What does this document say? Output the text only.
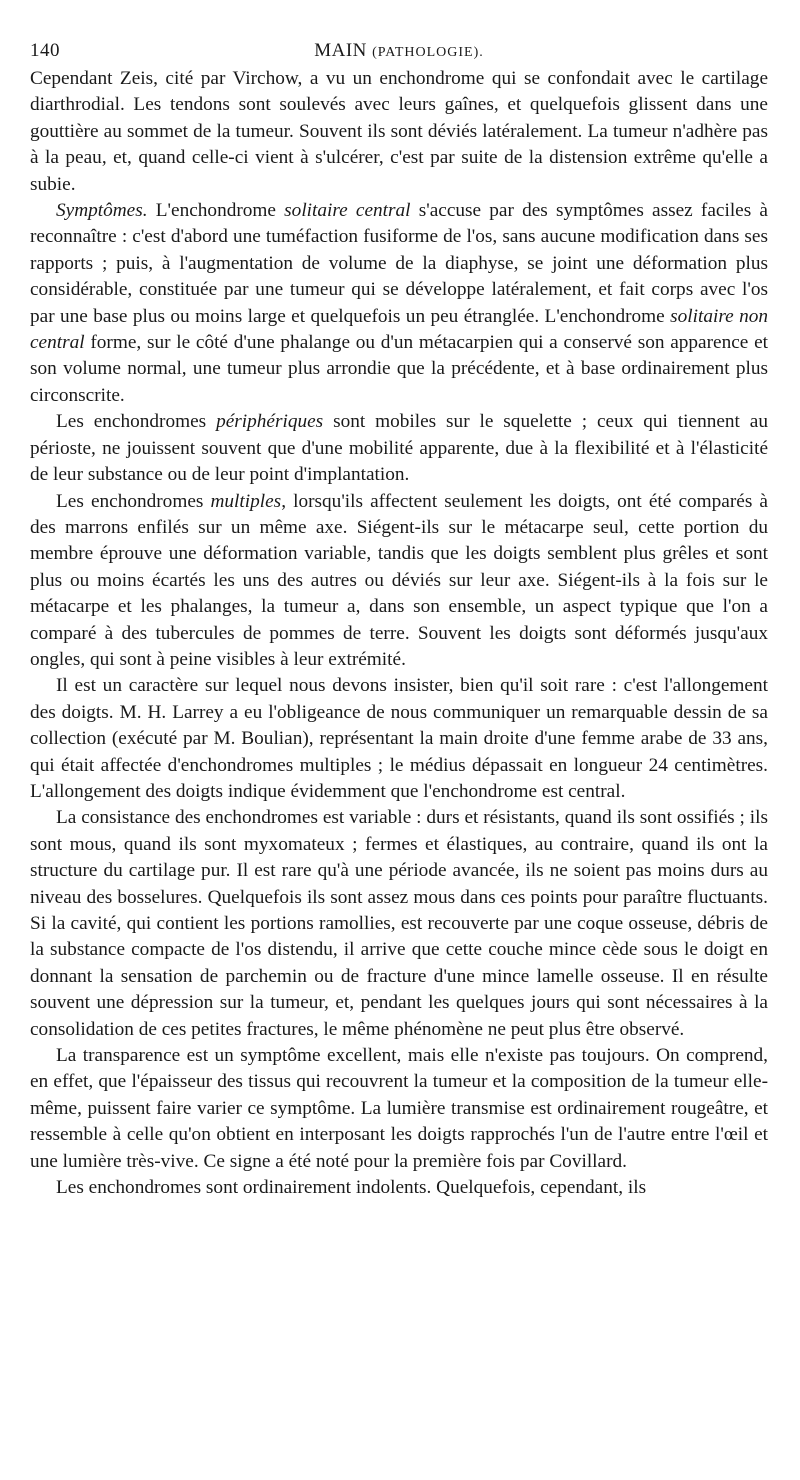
140	MAIN (PATHOLOGIE).

Cependant Zeis, cité par Virchow, a vu un enchondrome qui se confondait avec le cartilage diarthrodial. Les tendons sont soulevés avec leurs gaînes, et quelquefois glissent dans une gouttière au sommet de la tumeur. Souvent ils sont déviés latéralement. La tumeur n'adhère pas à la peau, et, quand celle-ci vient à s'ulcérer, c'est par suite de la distension extrême qu'elle a subie.

Symptômes. L'enchondrome solitaire central s'accuse par des symptômes assez faciles à reconnaître : c'est d'abord une tuméfaction fusiforme de l'os, sans aucune modification dans ses rapports ; puis, à l'augmentation de volume de la diaphyse, se joint une déformation plus considérable, constituée par une tumeur qui se développe latéralement, et fait corps avec l'os par une base plus ou moins large et quelquefois un peu étranglée. L'enchondrome solitaire non central forme, sur le côté d'une phalange ou d'un métacarpien qui a conservé son apparence et son volume normal, une tumeur plus arrondie que la précédente, et à base ordinairement plus circonscrite.

Les enchondromes périphériques sont mobiles sur le squelette ; ceux qui tiennent au périoste, ne jouissent souvent que d'une mobilité apparente, due à la flexibilité et à l'élasticité de leur substance ou de leur point d'implantation.

Les enchondromes multiples, lorsqu'ils affectent seulement les doigts, ont été comparés à des marrons enfilés sur un même axe. Siégent-ils sur le métacarpe seul, cette portion du membre éprouve une déformation variable, tandis que les doigts semblent plus grêles et sont plus ou moins écartés les uns des autres ou déviés sur leur axe. Siégent-ils à la fois sur le métacarpe et les phalanges, la tumeur a, dans son ensemble, un aspect typique que l'on a comparé à des tubercules de pommes de terre. Souvent les doigts sont déformés jusqu'aux ongles, qui sont à peine visibles à leur extrémité.

Il est un caractère sur lequel nous devons insister, bien qu'il soit rare : c'est l'allongement des doigts. M. H. Larrey a eu l'obligeance de nous communiquer un remarquable dessin de sa collection (exécuté par M. Boulian), représentant la main droite d'une femme arabe de 33 ans, qui était affectée d'enchondromes multiples ; le médius dépassait en longueur 24 centimètres. L'allongement des doigts indique évidemment que l'enchondrome est central.

La consistance des enchondromes est variable : durs et résistants, quand ils sont ossifiés ; ils sont mous, quand ils sont myxomateux ; fermes et élastiques, au contraire, quand ils ont la structure du cartilage pur. Il est rare qu'à une période avancée, ils ne soient pas moins durs au niveau des bosselures. Quelquefois ils sont assez mous dans ces points pour paraître fluctuants. Si la cavité, qui contient les portions ramollies, est recouverte par une coque osseuse, débris de la substance compacte de l'os distendu, il arrive que cette couche mince cède sous le doigt en donnant la sensation de parchemin ou de fracture d'une mince lamelle osseuse. Il en résulte souvent une dépression sur la tumeur, et, pendant les quelques jours qui sont nécessaires à la consolidation de ces petites fractures, le même phénomène ne peut plus être observé.

La transparence est un symptôme excellent, mais elle n'existe pas toujours. On comprend, en effet, que l'épaisseur des tissus qui recouvrent la tumeur et la composition de la tumeur elle-même, puissent faire varier ce symptôme. La lumière transmise est ordinairement rougeâtre, et ressemble à celle qu'on obtient en interposant les doigts rapprochés l'un de l'autre entre l'œil et une lumière très-vive. Ce signe a été noté pour la première fois par Covillard.

Les enchondromes sont ordinairement indolents. Quelquefois, cependant, ils
